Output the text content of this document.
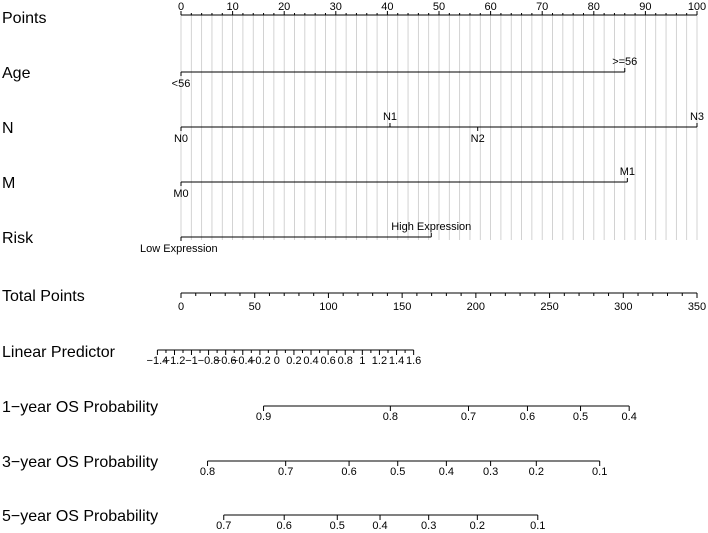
Points
0	10	20	30	40	50	60	70	80	90	100
Age
<56
>=56
N
N0
N1
N2
N3
M
M0
M1
Risk
Low Expression
High Expression
Total Points
0	50	100	150	200	250	300	350
Linear Predictor	−1.4
−1.2 −1 −0.8
−0.6
−0.4
−0.2 0 0.2 0.4 0.6 0.8 1 1.2 1.4 1.6
1−year OS Probability
0.9	0.8	0.7	0.6	0.5	0.4
3−year OS Probability
0.8	0.7	0.6	0.5	0.4	0.3	0.2	0.1
5−year OS Probability
0.7	0.6	0.5 0.4	0.3	0.2	0.1
